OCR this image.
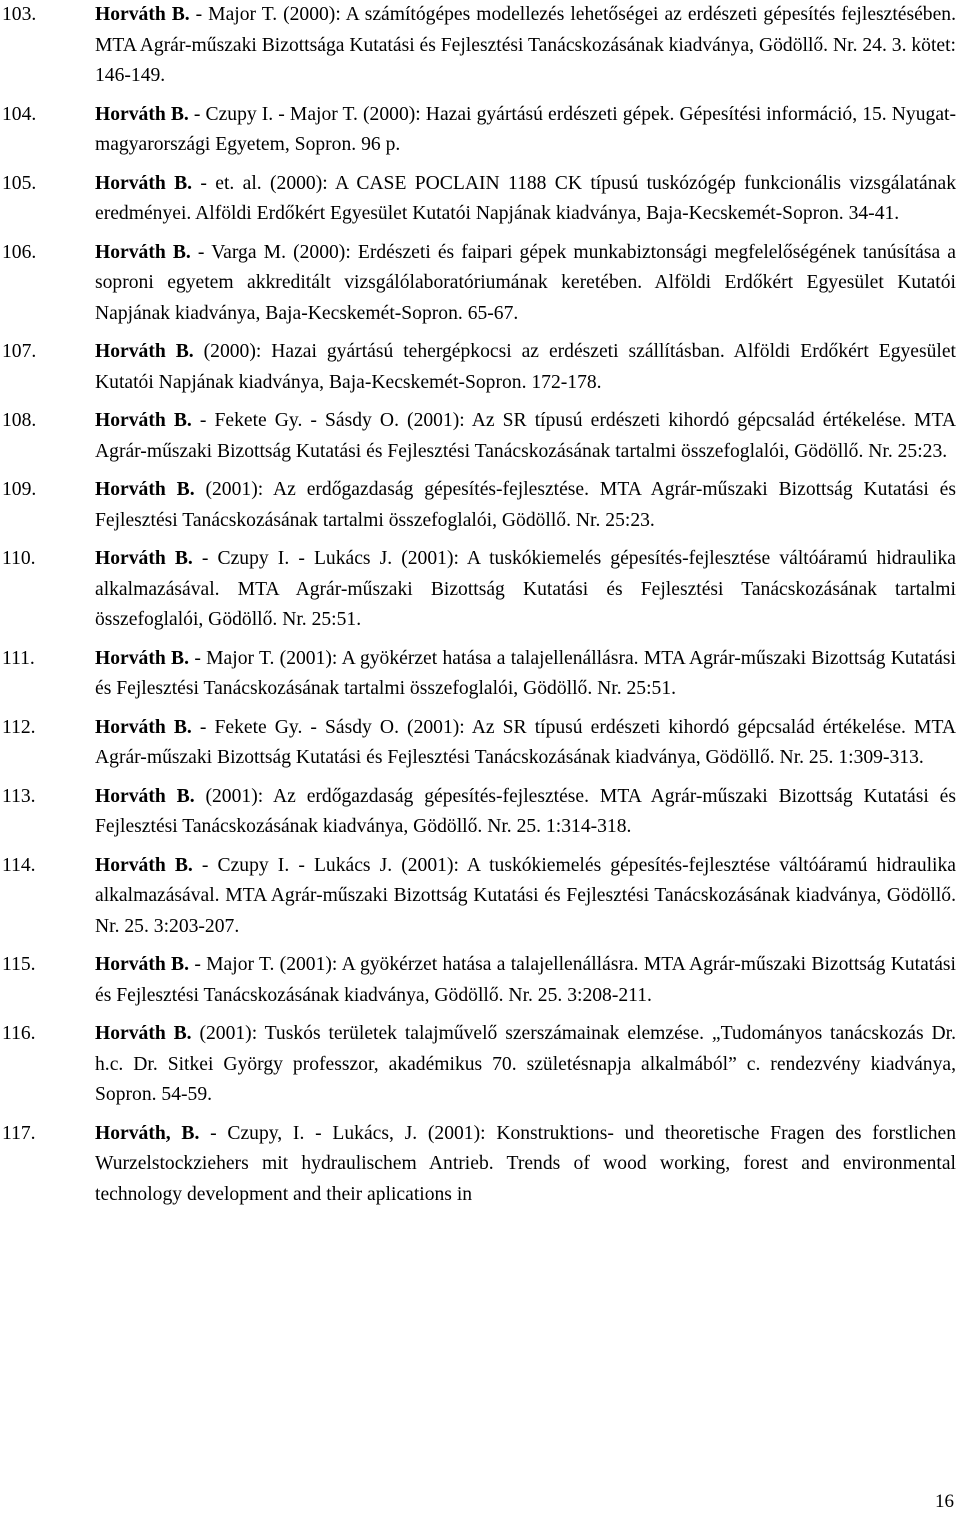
103.	Horváth B. - Major T. (2000): A számítógépes modellezés lehetőségei az erdészeti gépesítés fejlesztésében. MTA Agrár-műszaki Bizottsága Kutatási és Fejlesztési Tanácskozásának kiadványa, Gödöllő. Nr. 24. 3. kötet: 146-149.
104.	Horváth B. - Czupy I. - Major T. (2000): Hazai gyártású erdészeti gépek. Gépesítési információ, 15. Nyugat-magyarországi Egyetem, Sopron. 96 p.
105.	Horváth B. - et. al. (2000): A CASE POCLAIN 1188 CK típusú tuskózógép funkcionális vizsgálatának eredményei. Alföldi Erdőkért Egyesület Kutatói Napjának kiadványa, Baja-Kecskemét-Sopron. 34-41.
106.	Horváth B. - Varga M. (2000): Erdészeti és faipari gépek munkabiztonsági megfelelőségének tanúsítása a soproni egyetem akkreditált vizsgálólaboratóriumának keretében. Alföldi Erdőkért Egyesület Kutatói Napjának kiadványa, Baja-Kecskemét-Sopron. 65-67.
107.	Horváth B. (2000): Hazai gyártású tehergépkocsi az erdészeti szállításban. Alföldi Erdőkért Egyesület Kutatói Napjának kiadványa, Baja-Kecskemét-Sopron. 172-178.
108.	Horváth B. - Fekete Gy. - Sásdy O. (2001): Az SR típusú erdészeti kihordó gépcsalád értékelése. MTA Agrár-műszaki Bizottság Kutatási és Fejlesztési Tanácskozásának tartalmi összefoglalói, Gödöllő. Nr. 25:23.
109.	Horváth B. (2001): Az erdőgazdaság gépesítés-fejlesztése. MTA Agrár-műszaki Bizottság Kutatási és Fejlesztési Tanácskozásának tartalmi összefoglalói, Gödöllő. Nr. 25:23.
110.	Horváth B. - Czupy I. - Lukács J. (2001): A tuskókiemelés gépesítés-fejlesztése váltóáramú hidraulika alkalmazásával. MTA Agrár-műszaki Bizottság Kutatási és Fejlesztési Tanácskozásának tartalmi összefoglalói, Gödöllő. Nr. 25:51.
111.	Horváth B. - Major T. (2001): A gyökérzet hatása a talajellenállásra. MTA Agrár-műszaki Bizottság Kutatási és Fejlesztési Tanácskozásának tartalmi összefoglalói, Gödöllő. Nr. 25:51.
112.	Horváth B. - Fekete Gy. - Sásdy O. (2001): Az SR típusú erdészeti kihordó gépcsalád értékelése. MTA Agrár-műszaki Bizottság Kutatási és Fejlesztési Tanácskozásának kiadványa, Gödöllő. Nr. 25. 1:309-313.
113.	Horváth B. (2001): Az erdőgazdaság gépesítés-fejlesztése. MTA Agrár-műszaki Bizottság Kutatási és Fejlesztési Tanácskozásának kiadványa, Gödöllő. Nr. 25. 1:314-318.
114.	Horváth B. - Czupy I. - Lukács J. (2001): A tuskókiemelés gépesítés-fejlesztése váltóáramú hidraulika alkalmazásával. MTA Agrár-műszaki Bizottság Kutatási és Fejlesztési Tanácskozásának kiadványa, Gödöllő. Nr. 25. 3:203-207.
115.	Horváth B. - Major T. (2001): A gyökérzet hatása a talajellenállásra. MTA Agrár-műszaki Bizottság Kutatási és Fejlesztési Tanácskozásának kiadványa, Gödöllő. Nr. 25. 3:208-211.
116.	Horváth B. (2001): Tuskós területek talajművelő szerszámainak elemzése. „Tudományos tanácskozás Dr. h.c. Dr. Sitkei György professzor, akadémikus 70. születésnapja alkalmából” c. rendezvény kiadványa, Sopron. 54-59.
117.	Horváth, B. - Czupy, I. - Lukács, J. (2001): Konstruktions- und theoretische Fragen des forstlichen Wurzelstockziehers mit hydraulischem Antrieb. Trends of wood working, forest and environmental technology development and their aplications in
16
